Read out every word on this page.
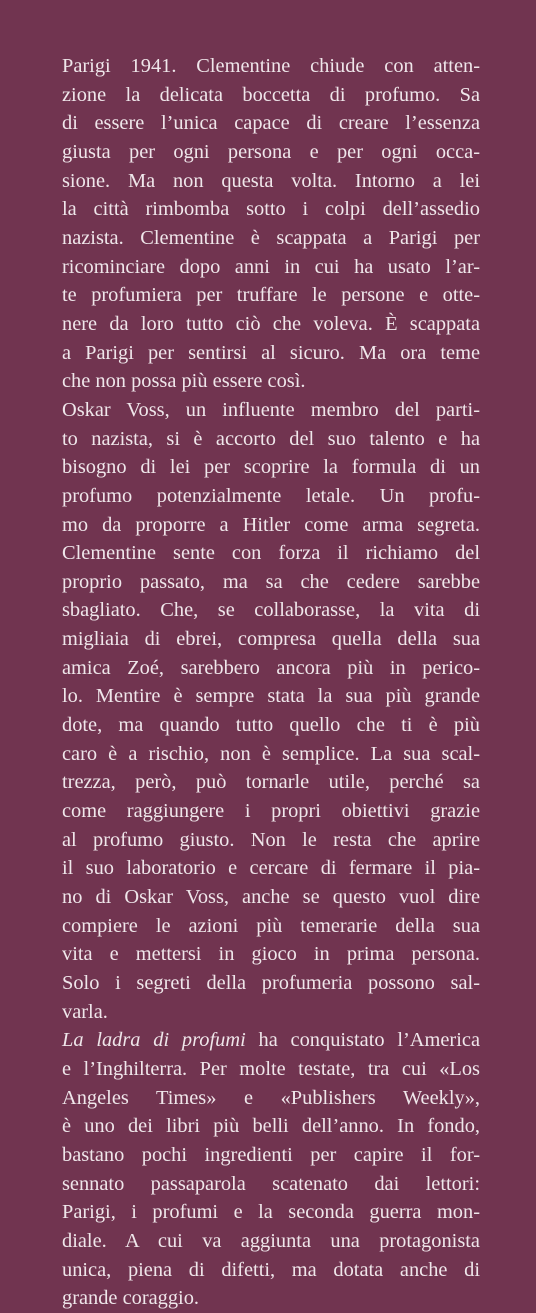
Parigi 1941. Clementine chiude con atten-
zione la delicata boccetta di profumo. Sa
di essere l’unica capace di creare l’essenza
giusta per ogni persona e per ogni occa-
sione. Ma non questa volta. Intorno a lei
la città rimbomba sotto i colpi dell’assedio
nazista. Clementine è scappata a Parigi per
ricominciare dopo anni in cui ha usato l’ar-
te profumiera per truffare le persone e otte-
nere da loro tutto ciò che voleva. È scappata
a Parigi per sentirsi al sicuro. Ma ora teme
che non possa più essere così.
Oskar Voss, un influente membro del parti-
to nazista, si è accorto del suo talento e ha
bisogno di lei per scoprire la formula di un
profumo potenzialmente letale. Un profu-
mo da proporre a Hitler come arma segreta.
Clementine sente con forza il richiamo del
proprio passato, ma sa che cedere sarebbe
sbagliato. Che, se collaborasse, la vita di
migliaia di ebrei, compresa quella della sua
amica Zoé, sarebbero ancora più in perico-
lo. Mentire è sempre stata la sua più grande
dote, ma quando tutto quello che ti è più
caro è a rischio, non è semplice. La sua scal-
trezza, però, può tornarle utile, perché sa
come raggiungere i propri obiettivi grazie
al profumo giusto. Non le resta che aprire
il suo laboratorio e cercare di fermare il pia-
no di Oskar Voss, anche se questo vuol dire
compiere le azioni più temerarie della sua
vita e mettersi in gioco in prima persona.
Solo i segreti della profumeria possono sal-
varla.
La ladra di profumi ha conquistato l’America
e l’Inghilterra. Per molte testate, tra cui «Los
Angeles Times» e «Publishers Weekly»,
è uno dei libri più belli dell’anno. In fondo,
bastano pochi ingredienti per capire il for-
sennato passaparola scatenato dai lettori:
Parigi, i profumi e la seconda guerra mon-
diale. A cui va aggiunta una protagonista
unica, piena di difetti, ma dotata anche di
grande coraggio.
